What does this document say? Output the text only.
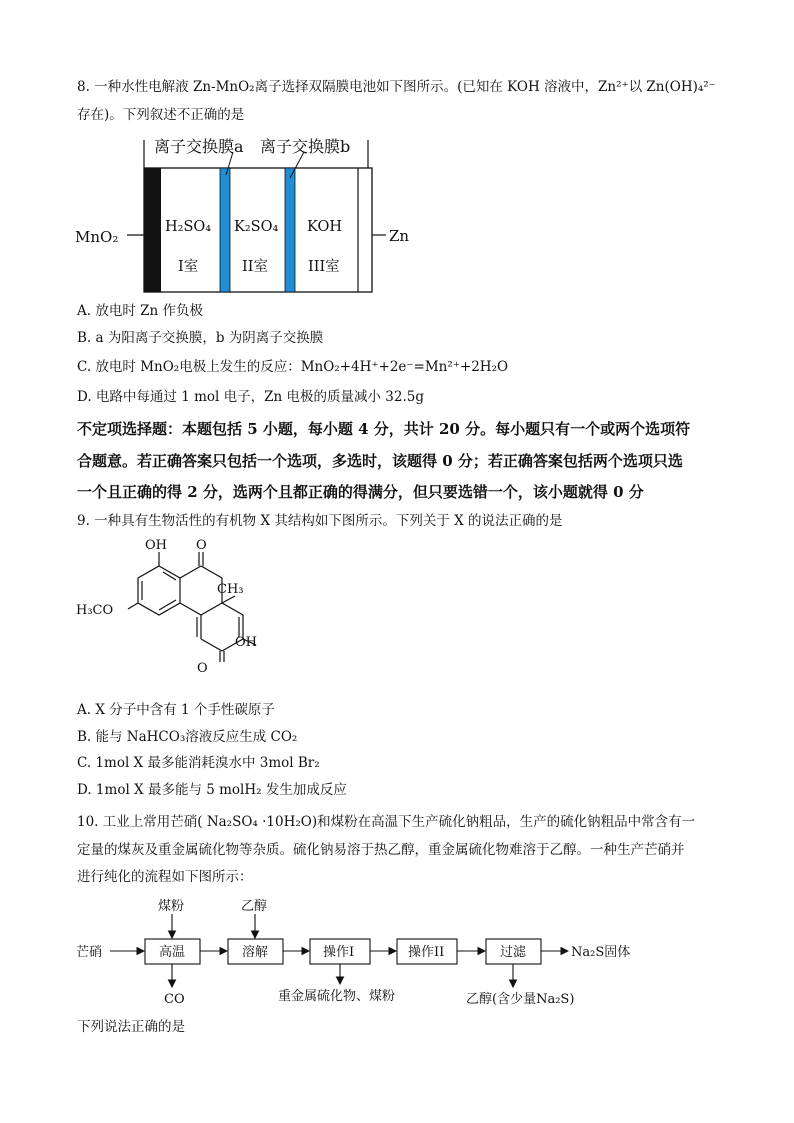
8. 一种水性电解液 Zn-MnO₂离子选择双隔膜电池如下图所示。(已知在 KOH 溶液中，Zn²⁺以 Zn(OH)₄²⁻
存在)。下列叙述不正确的是
离子交换膜a 离子交换膜b
MnO₂	Zn
H₂SO₄
I室
K₂SO₄
II室
KOH
III室
A. 放电时 Zn 作负极
B. a 为阳离子交换膜，b 为阴离子交换膜
C. 放电时 MnO₂电极上发生的反应：MnO₂+4H⁺+2e⁻=Mn²⁺+2H₂O
D. 电路中每通过 1 mol 电子，Zn 电极的质量减小 32.5g
不定项选择题：本题包括 5 小题，每小题 4 分，共计 20 分。每小题只有一个或两个选项符
合题意。若正确答案只包括一个选项，多选时，该题得 0 分；若正确答案包括两个选项只选
一个且正确的得 2 分，选两个且都正确的得满分，但只要选错一个，该小题就得 0 分
9. 一种具有生物活性的有机物 X 其结构如下图所示。下列关于 X 的说法正确的是
OH O
CH₃
H₃CO
OH
O
A. X 分子中含有 1 个手性碳原子
B. 能与 NaHCO₃溶液反应生成 CO₂
C. 1mol X 最多能消耗溴水中 3mol Br₂
D. 1mol X 最多能与 5 molH₂ 发生加成反应
10. 工业上常用芒硝( Na₂SO₄ ·10H₂O)和煤粉在高温下生产硫化钠粗品，生产的硫化钠粗品中常含有一
定量的煤灰及重金属硫化物等杂质。硫化钠易溶于热乙醇，重金属硫化物难溶于乙醇。一种生产芒硝并
进行纯化的流程如下图所示：
芒硝
煤粉	乙醇
高温	溶解	操作I	操作II	过滤	Na₂S固体
CO	重金属硫化物、煤粉	乙醇(含少量Na₂S)
下列说法正确的是
